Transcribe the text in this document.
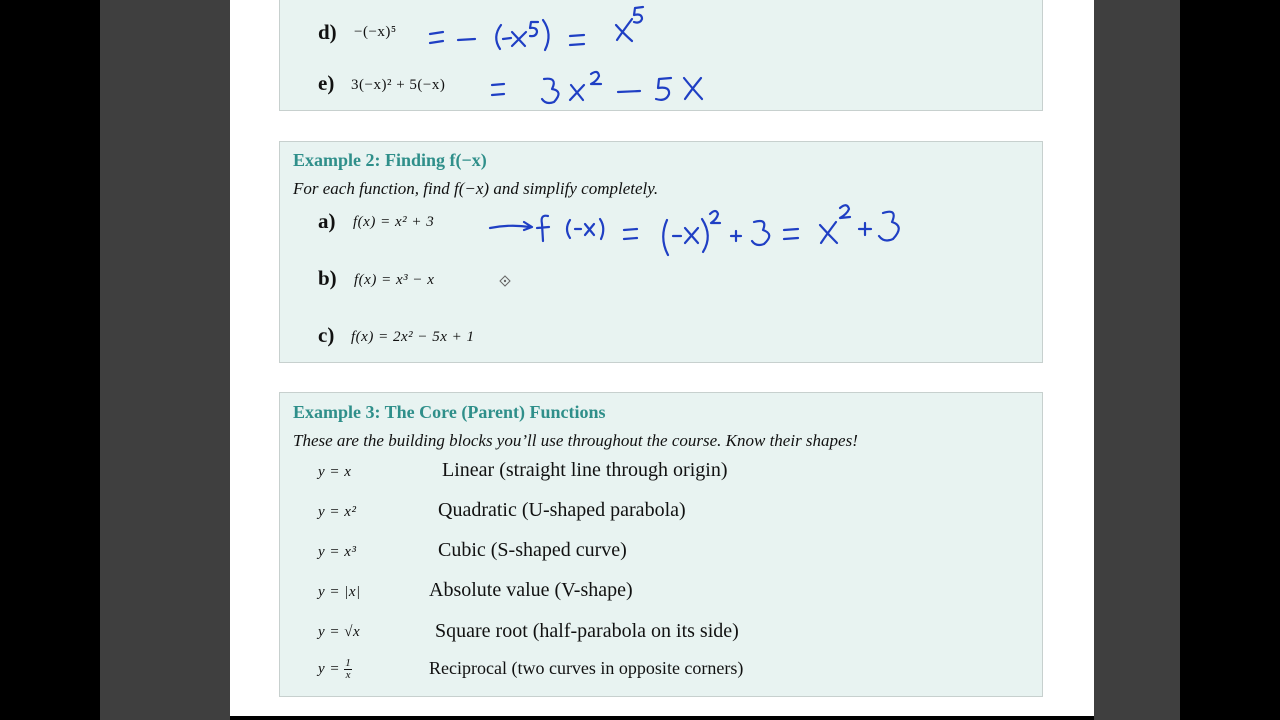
d) −(−x)⁵
e) 3(−x)² + 5(−x)
Example 2: Finding f(−x)
For each function, find f(−x) and simplify completely.
a) f(x) = x² + 3
b) f(x) = x³ − x
c) f(x) = 2x² − 5x + 1
Example 3: The Core (Parent) Functions
These are the building blocks you’ll use throughout the course. Know their shapes!
y = x	Linear (straight line through origin)
y = x²	Quadratic (U-shaped parabola)
y = x³	Cubic (S-shaped curve)
y = |x|	Absolute value (V-shape)
y = √x	Square root (half-parabola on its side)
$y = \frac{1}{x}$	Reciprocal (two curves in opposite corners)
